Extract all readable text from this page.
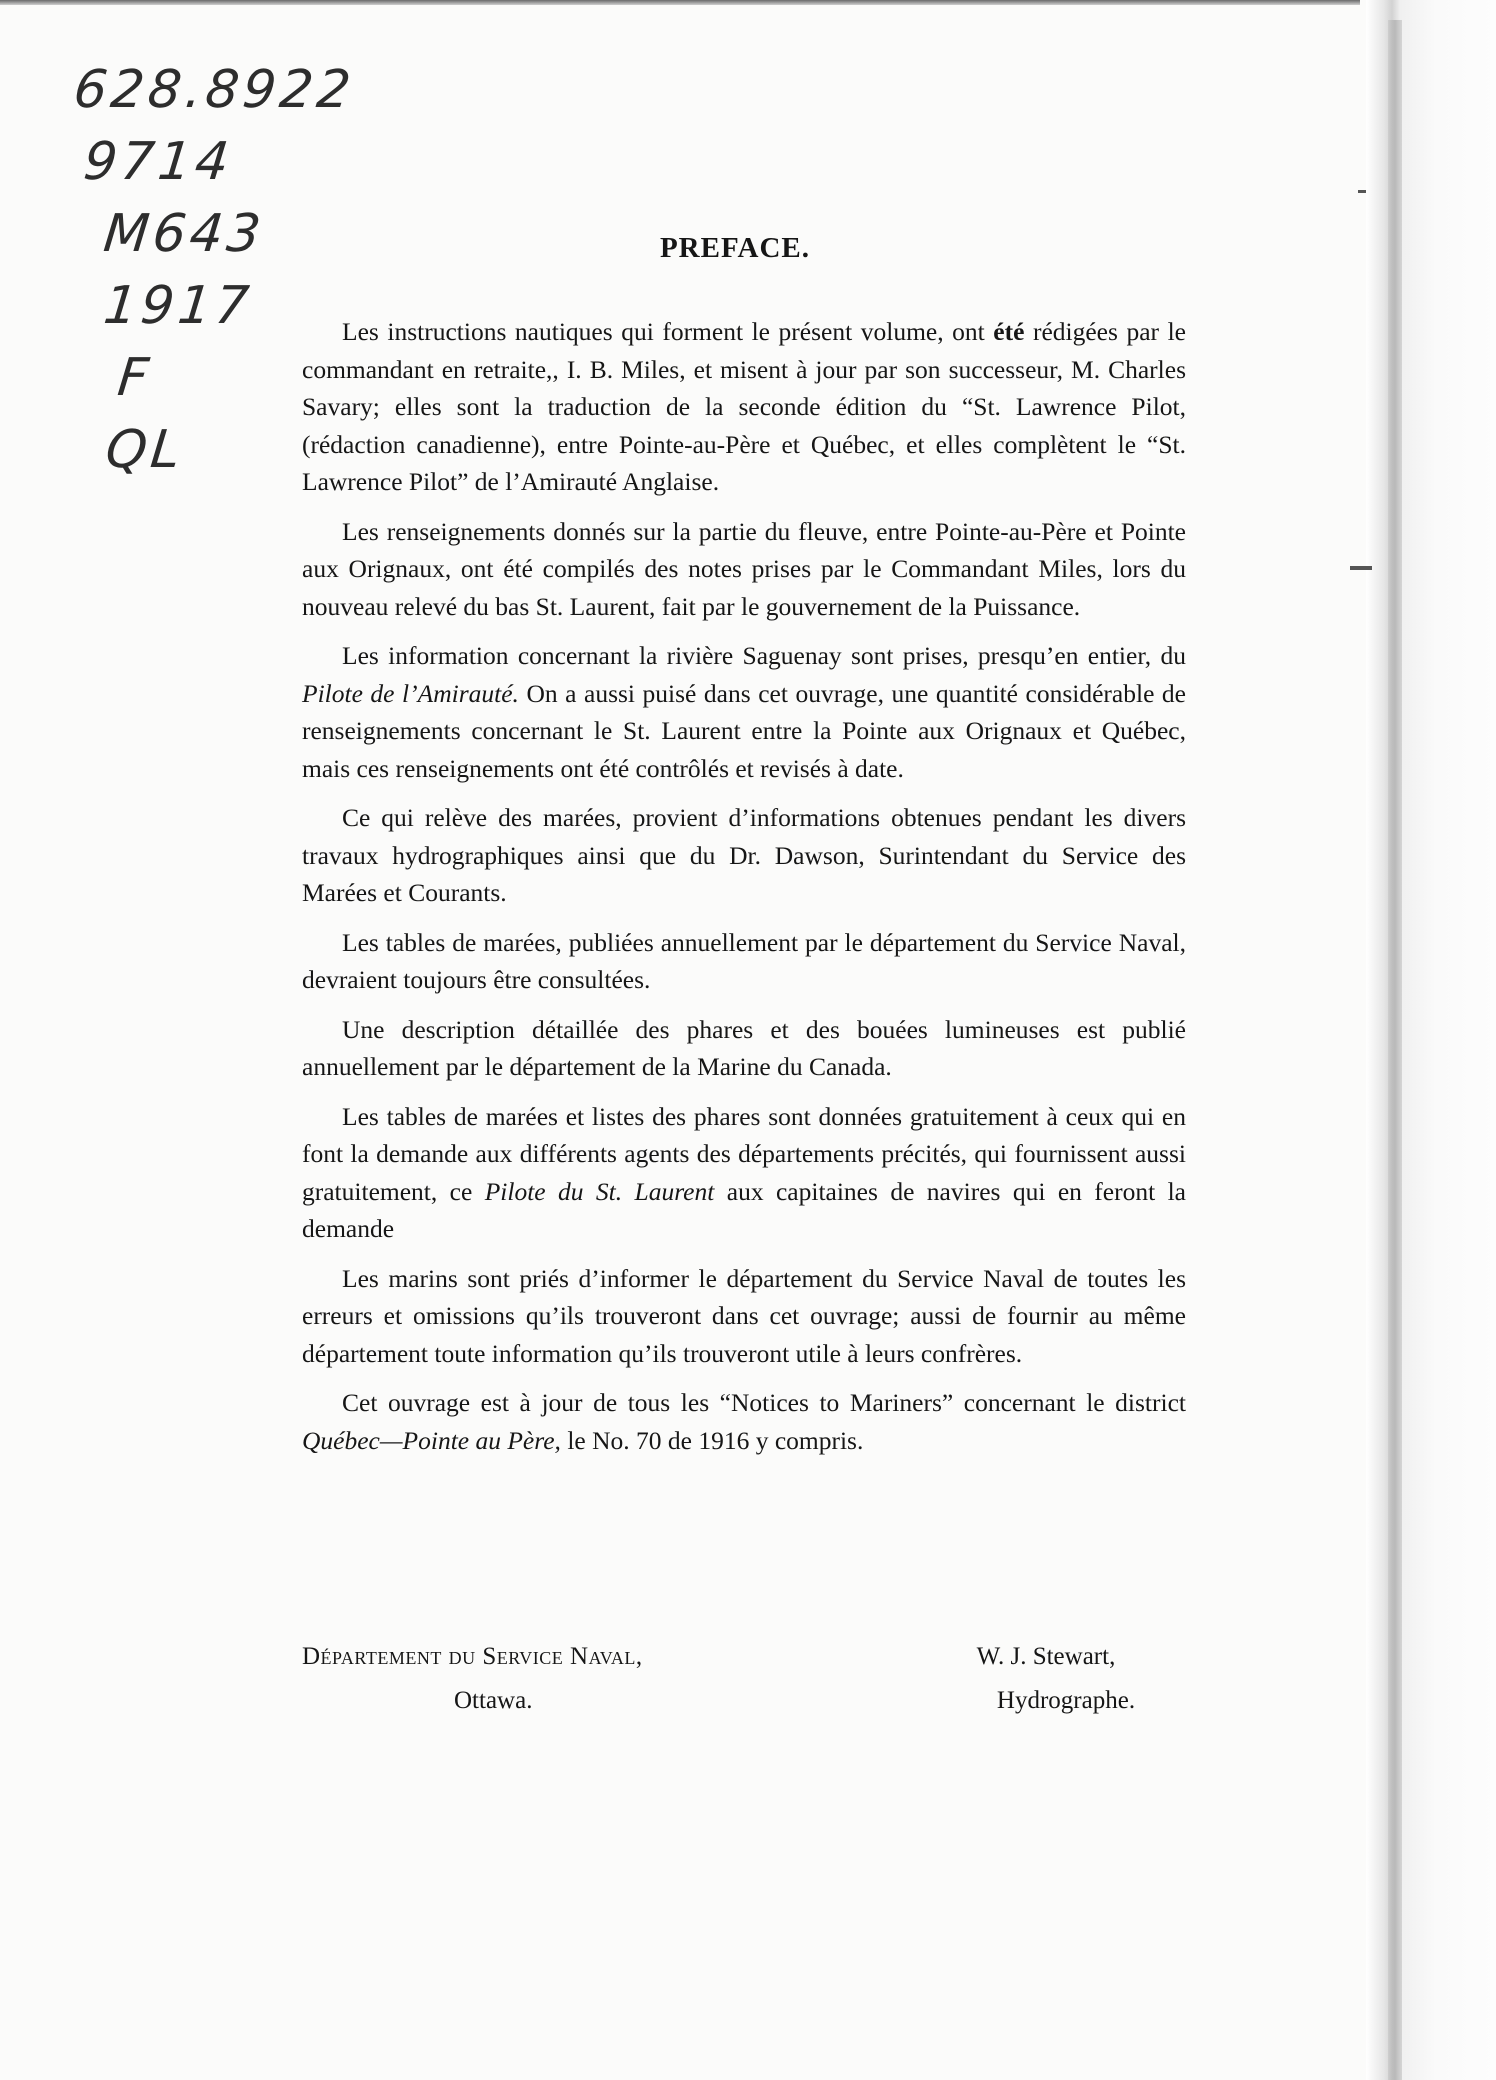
628.8922
9714
M643
1917
F
QL
PREFACE.

Les instructions nautiques qui forment le présent volume, ont été rédigées par le commandant en retraite,, I. B. Miles, et misent à jour par son successeur, M. Charles Savary; elles sont la traduction de la seconde édition du “St. Lawrence Pilot, (rédaction canadienne), entre Pointe-au-Père et Québec, et elles complètent le “St. Lawrence Pilot” de l’Amirauté Anglaise.

Les renseignements donnés sur la partie du fleuve, entre Pointe-au-Père et Pointe aux Orignaux, ont été compilés des notes prises par le Commandant Miles, lors du nouveau relevé du bas St. Laurent, fait par le gouvernement de la Puissance.

Les information concernant la rivière Saguenay sont prises, presqu’en entier, du Pilote de l’Amirauté. On a aussi puisé dans cet ouvrage, une quantité considérable de renseignements concernant le St. Laurent entre la Pointe aux Orignaux et Québec, mais ces renseignements ont été contrôlés et revisés à date.

Ce qui relève des marées, provient d’informations obtenues pendant les divers travaux hydrographiques ainsi que du Dr. Dawson, Surintendant du Service des Marées et Courants.

Les tables de marées, publiées annuellement par le département du Service Naval, devraient toujours être consultées.

Une description détaillée des phares et des bouées lumineuses est publié annuellement par le département de la Marine du Canada.

Les tables de marées et listes des phares sont données gratuitement à ceux qui en font la demande aux différents agents des départements précités, qui fournissent aussi gratuitement, ce Pilote du St. Laurent aux capitaines de navires qui en feront la demande

Les marins sont priés d’informer le département du Service Naval de toutes les erreurs et omissions qu’ils trouveront dans cet ouvrage; aussi de fournir au même département toute information qu’ils trouveront utile à leurs confrères.

Cet ouvrage est à jour de tous les “Notices to Mariners” concernant le district Québec—Pointe au Père, le No. 70 de 1916 y compris.

Département du Service Naval,

Ottawa.
W. J. Stewart,
Hydrographe.
